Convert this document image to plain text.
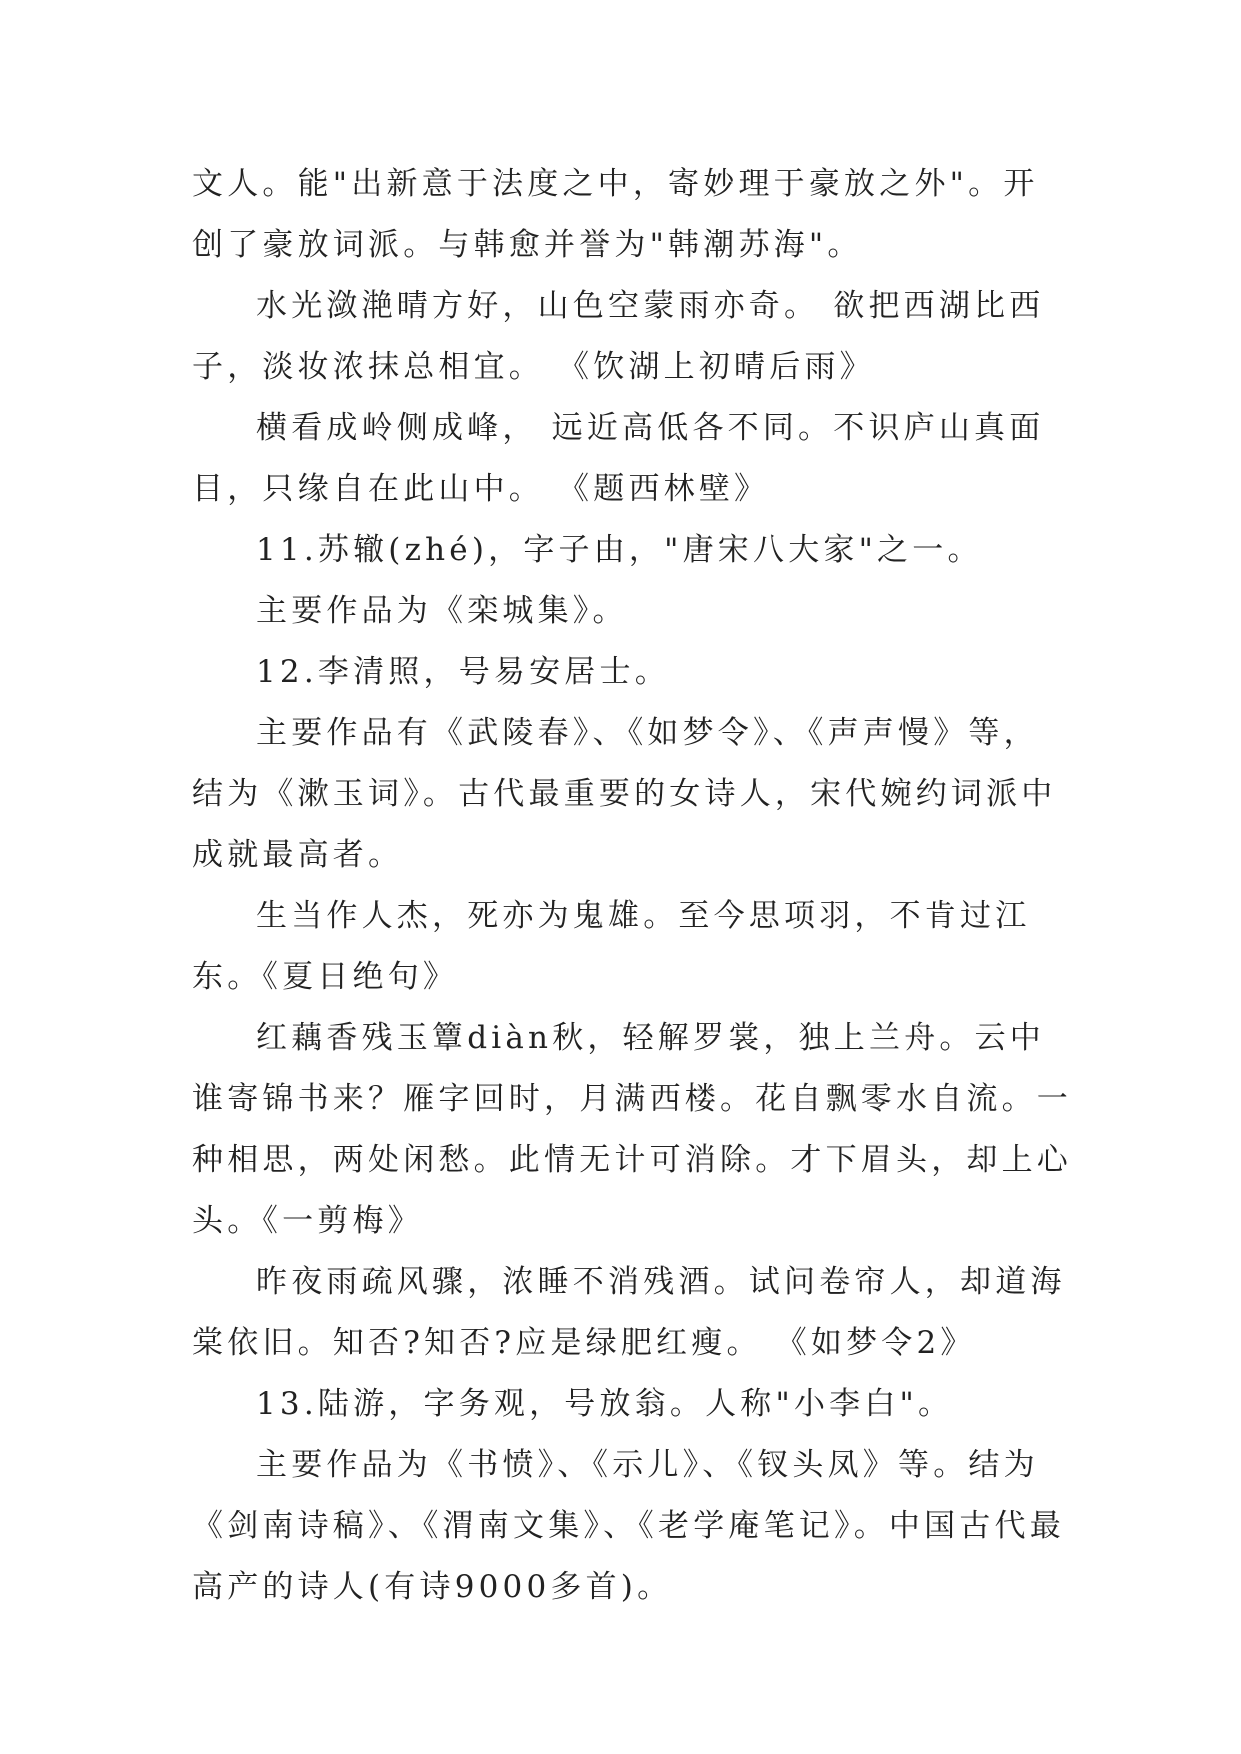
文人。能"出新意于法度之中，寄妙理于豪放之外"。开创了豪放词派。与韩愈并誉为"韩潮苏海"。

水光潋滟晴方好，山色空蒙雨亦奇。 欲把西湖比西子，淡妆浓抹总相宜。 《饮湖上初晴后雨》

横看成岭侧成峰， 远近高低各不同。不识庐山真面目，只缘自在此山中。 《题西林壁》

11.苏辙(zhé)，字子由，"唐宋八大家"之一。

主要作品为《栾城集》。

12.李清照，号易安居士。

主要作品有《武陵春》、《如梦令》、《声声慢》等，结为《漱玉词》。古代最重要的女诗人，宋代婉约词派中成就最高者。

生当作人杰，死亦为鬼雄。至今思项羽，不肯过江东。《夏日绝句》

红藕香残玉簟diàn秋，轻解罗裳，独上兰舟。云中谁寄锦书来？雁字回时，月满西楼。花自飘零水自流。一种相思，两处闲愁。此情无计可消除。才下眉头，却上心头。《一剪梅》

昨夜雨疏风骤，浓睡不消残酒。试问卷帘人，却道海棠依旧。知否?知否?应是绿肥红瘦。 《如梦令2》

13.陆游，字务观，号放翁。人称"小李白"。

主要作品为《书愤》、《示儿》、《钗头凤》等。结为《剑南诗稿》、《渭南文集》、《老学庵笔记》。中国古代最高产的诗人(有诗9000多首)。
